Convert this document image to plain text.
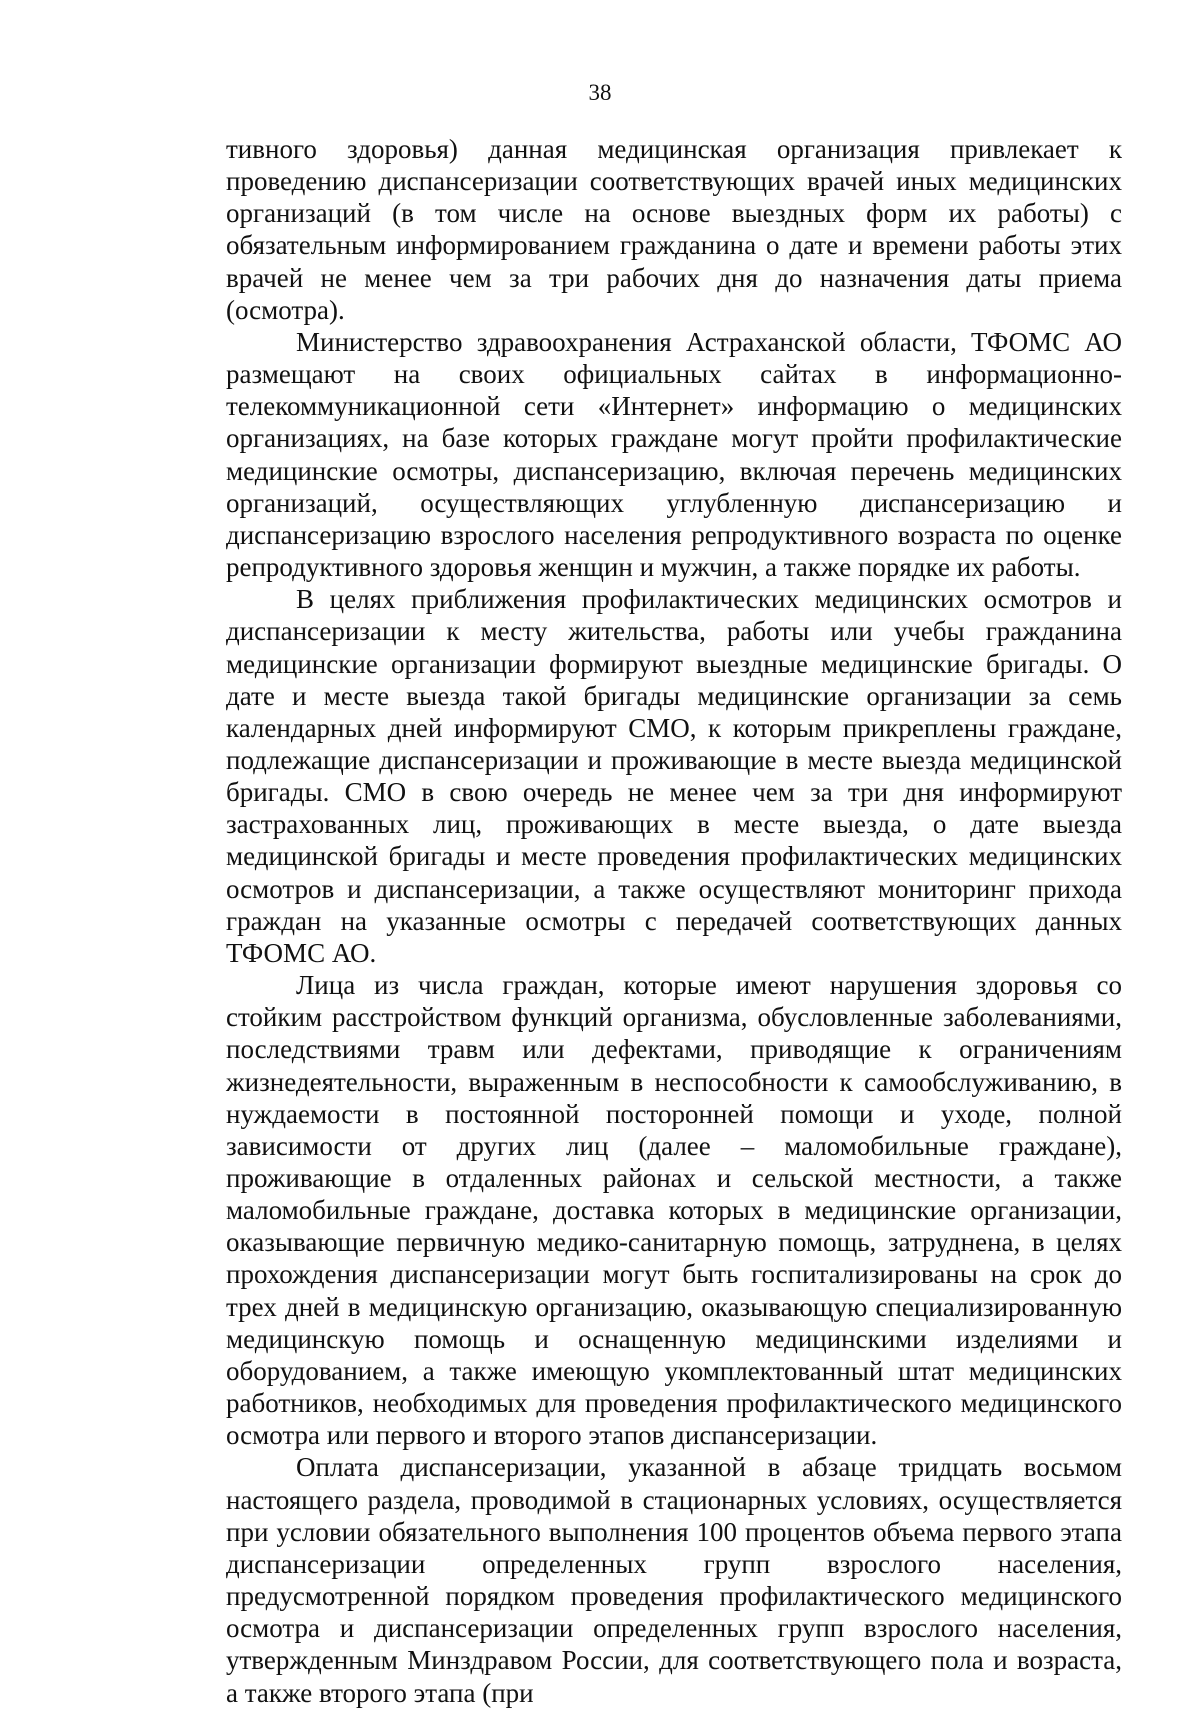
38

тивного здоровья) данная медицинская организация привлекает к проведению диспансеризации соответствующих врачей иных медицинских организаций (в том числе на основе выездных форм их работы) с обязательным информированием гражданина о дате и времени работы этих врачей не менее чем за три рабочих дня до назначения даты приема (осмотра).

Министерство здравоохранения Астраханской области, ТФОМС АО размещают на своих официальных сайтах в информационно-телекоммуникационной сети «Интернет» информацию о медицинских организациях, на базе которых граждане могут пройти профилактические медицинские осмотры, диспансеризацию, включая перечень медицинских организаций, осуществляющих углубленную диспансеризацию и диспансеризацию взрослого населения репродуктивного возраста по оценке репродуктивного здоровья женщин и мужчин, а также порядке их работы.

В целях приближения профилактических медицинских осмотров и диспансеризации к месту жительства, работы или учебы гражданина медицинские организации формируют выездные медицинские бригады. О дате и месте выезда такой бригады медицинские организации за семь календарных дней информируют СМО, к которым прикреплены граждане, подлежащие диспансеризации и проживающие в месте выезда медицинской бригады. СМО в свою очередь не менее чем за три дня информируют застрахованных лиц, проживающих в месте выезда, о дате выезда медицинской бригады и месте проведения профилактических медицинских осмотров и диспансеризации, а также осуществляют мониторинг прихода граждан на указанные осмотры с передачей соответствующих данных ТФОМС АО.

Лица из числа граждан, которые имеют нарушения здоровья со стойким расстройством функций организма, обусловленные заболеваниями, последствиями травм или дефектами, приводящие к ограничениям жизнедеятельности, выраженным в неспособности к самообслуживанию, в нуждаемости в постоянной посторонней помощи и уходе, полной зависимости от других лиц (далее – маломобильные граждане), проживающие в отдаленных районах и сельской местности, а также маломобильные граждане, доставка которых в медицинские организации, оказывающие первичную медико-санитарную помощь, затруднена, в целях прохождения диспансеризации могут быть госпитализированы на срок до трех дней в медицинскую организацию, оказывающую специализированную медицинскую помощь и оснащенную медицинскими изделиями и оборудованием, а также имеющую укомплектованный штат медицинских работников, необходимых для проведения профилактического медицинского осмотра или первого и второго этапов диспансеризации.

Оплата диспансеризации, указанной в абзаце тридцать восьмом настоящего раздела, проводимой в стационарных условиях, осуществляется при условии обязательного выполнения 100 процентов объема первого этапа диспансеризации определенных групп взрослого населения, предусмотренной порядком проведения профилактического медицинского осмотра и диспансеризации определенных групп взрослого населения, утвержденным Минздравом России, для соответствующего пола и возраста, а также второго этапа (при
